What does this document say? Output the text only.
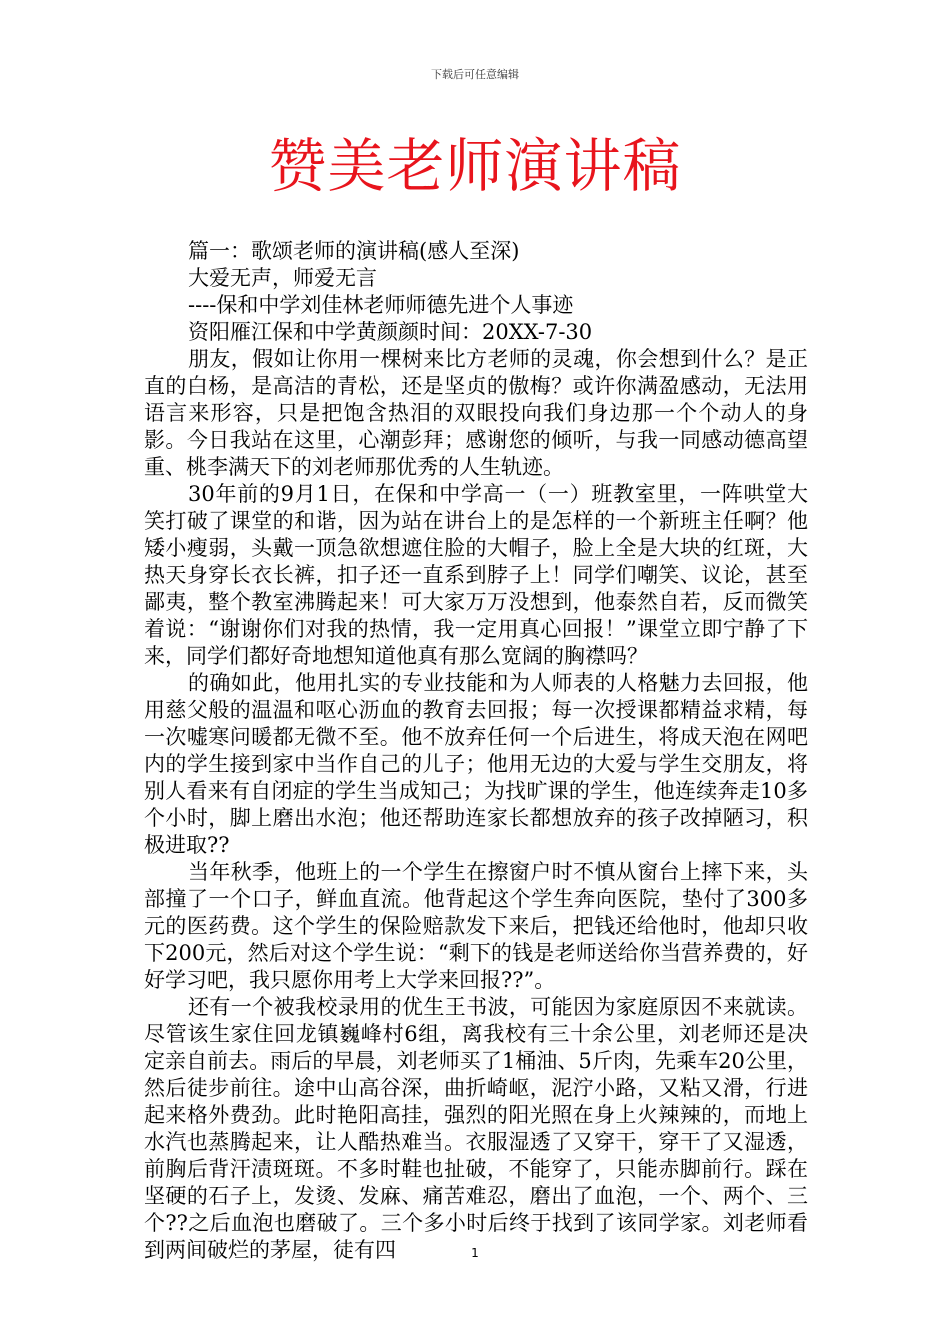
下载后可任意编辑
赞美老师演讲稿
篇一：歌颂老师的演讲稿(感人至深)
大爱无声，师爱无言
----保和中学刘佳林老师师德先进个人事迹
资阳雁江保和中学黄颜颜时间：20XX-7-30

朋友，假如让你用一棵树来比方老师的灵魂，你会想到什么？是正直的白杨，是高洁的青松，还是坚贞的傲梅？或许你满盈感动，无法用语言来形容，只是把饱含热泪的双眼投向我们身边那一个个动人的身影。今日我站在这里，心潮彭拜；感谢您的倾听，与我一同感动德高望重、桃李满天下的刘老师那优秀的人生轨迹。

30年前的9月1日，在保和中学高一（一）班教室里，一阵哄堂大笑打破了课堂的和谐，因为站在讲台上的是怎样的一个新班主任啊？他矮小瘦弱，头戴一顶急欲想遮住脸的大帽子，脸上全是大块的红斑，大热天身穿长衣长裤，扣子还一直系到脖子上！同学们嘲笑、议论，甚至鄙夷，整个教室沸腾起来！可大家万万没想到，他泰然自若，反而微笑着说：“谢谢你们对我的热情，我一定用真心回报！”课堂立即宁静了下来，同学们都好奇地想知道他真有那么宽阔的胸襟吗？

的确如此，他用扎实的专业技能和为人师表的人格魅力去回报，他用慈父般的温温和呕心沥血的教育去回报；每一次授课都精益求精，每一次嘘寒问暖都无微不至。他不放弃任何一个后进生，将成天泡在网吧内的学生接到家中当作自己的儿子；他用无边的大爱与学生交朋友，将别人看来有自闭症的学生当成知己；为找旷课的学生，他连续奔走10多个小时，脚上磨出水泡；他还帮助连家长都想放弃的孩子改掉陋习，积极进取??

当年秋季，他班上的一个学生在擦窗户时不慎从窗台上摔下来，头部撞了一个口子，鲜血直流。他背起这个学生奔向医院，垫付了300多元的医药费。这个学生的保险赔款发下来后，把钱还给他时，他却只收下200元，然后对这个学生说：“剩下的钱是老师送给你当营养费的，好好学习吧，我只愿你用考上大学来回报??”。

还有一个被我校录用的优生王书波，可能因为家庭原因不来就读。尽管该生家住回龙镇巍峰村6组，离我校有三十余公里，刘老师还是决定亲自前去。雨后的早晨，刘老师买了1桶油、5斤肉，先乘车20公里，然后徒步前往。途中山高谷深，曲折崎岖，泥泞小路，又粘又滑，行进起来格外费劲。此时艳阳高挂，强烈的阳光照在身上火辣辣的，而地上水汽也蒸腾起来，让人酷热难当。衣服湿透了又穿干，穿干了又湿透，前胸后背汗渍斑斑。不多时鞋也扯破，不能穿了，只能赤脚前行。踩在坚硬的石子上，发烫、发麻、痛苦难忍，磨出了血泡，一个、两个、三个??之后血泡也磨破了。三个多小时后终于找到了该同学家。刘老师看到两间破烂的茅屋，徒有四	1
